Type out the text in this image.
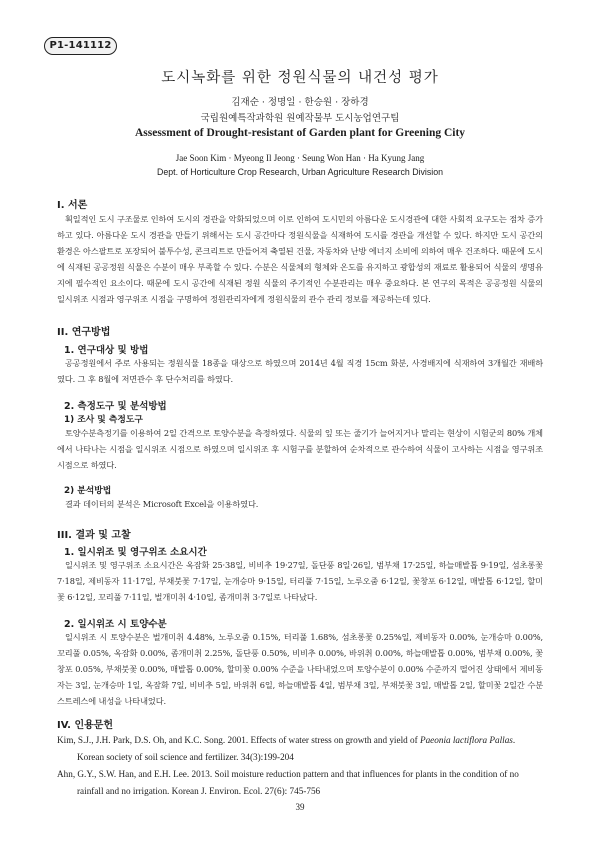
P1-141112
도시녹화를 위한 정원식물의 내건성 평가
김재순 · 정명일 · 한승원 · 장하경
국립원예특작과학원 원예작물부 도시농업연구팀
Assessment of Drought-resistant of Garden plant for Greening City
Jae Soon Kim · Myeong Il Jeong · Seung Won Han · Ha Kyung Jang
Dept. of Horticulture Crop Research, Urban Agriculture Research Division
I. 서론

획일적인 도시 구조물로 인하여 도시의 경관을 악화되었으며 이로 인하여 도시민의 아름다운 도시경관에 대한 사회적 요구도는 점차 증가하고 있다. 아름다운 도시 경관을 만들기 위해서는 도시 공간마다 정원식물을 식재하여 도시를 경관을 개선할 수 있다. 하지만 도시 공간의 환경은 아스팔트로 포장되어 불투수성, 콘크리트로 만들어져 축열된 건물, 자동차와 난방 에너지 소비에 의하여 매우 건조하다. 때문에 도시에 식재된 공공정원 식물은 수분이 매우 부족할 수 있다. 수분은 식물체의 형체와 온도를 유지하고 광합성의 재료로 활용되어 식물의 생명유지에 필수적인 요소이다. 때문에 도시 공간에 식재된 정원 식물의 주기적인 수분관리는 매우 중요하다. 본 연구의 목적은 공공정원 식물의 일시위조 시점과 영구위조 시점을 구명하여 정원관리자에게 정원식물의 관수 관리 정보를 제공하는데 있다.

II. 연구방법
1. 연구대상 및 방법

공공정원에서 주로 사용되는 정원식물 18종을 대상으로 하였으며 2014년 4월 직경 15cm 화분, 사경배지에 식재하여 3개월간 재배하였다. 그 후 8월에 저면관수 후 단수처리를 하였다.

2. 측정도구 및 분석방법
1) 조사 및 측정도구

토양수분측정기를 이용하여 2일 간격으로 토양수분을 측정하였다. 식물의 잎 또는 줄기가 늘어지거나 말리는 현상이 시험군의 80% 개체에서 나타나는 시점을 일시위조 시점으로 하였으며 일시위조 후 시험구를 분할하여 순차적으로 관수하여 식물이 고사하는 시점을 영구위조 시점으로 하였다.

2) 분석방법

결과 데이터의 분석은 Microsoft Excel을 이용하였다.

III. 결과 및 고찰
1. 일시위조 및 영구위조 소요시간

일시위조 및 영구위조 소요시간은 옥잠화 25·38일, 비비추 19·27일, 돌단풍 8일·26일, 범부채 17·25일, 하늘매발톱 9·19일, 섬초롱꽃 7·18일, 제비동자 11·17일, 부채붓꽃 7·17일, 눈개승마 9·15일, 터리풀 7·15일, 노루오줌 6·12일, 꽃창포 6·12일, 매발톱 6·12일, 할미꽃 6·12일, 꼬리풀 7·11일, 벌개미취 4·10일, 좀개미취 3·7일로 나타났다.

2. 일시위조 시 토양수분

일시위조 시 토양수분은 벌개미취 4.48%, 노루오줌 0.15%, 터리풀 1.68%, 섬초롱꽃 0.25%일, 제비동자 0.00%, 눈개승마 0.00%, 꼬리풀 0.05%, 옥잠화 0.00%, 좀개미취 2.25%, 돌단풍 0.50%, 비비추 0.00%, 바위취 0.00%, 하늘매발톱 0.00%, 범부채 0.00%, 꽃창포 0.05%, 부채붓꽃 0.00%, 매발톱 0.00%, 할미꽃 0.00% 수준을 나타내었으며 토양수분이 0.00% 수준까지 떨어진 상태에서 제비동자는 3일, 눈개승마 1일, 옥잠화 7일, 비비추 5일, 바위취 6일, 하늘매발톱 4일, 범부채 3일, 부채붓꽃 3일, 매발톱 2일, 할미꽃 2일간 수분 스트레스에 내성을 나타내었다.

IV. 인용문헌

Kim, S.J., J.H. Park, D.S. Oh, and K.C. Song. 2001. Effects of water stress on growth and yield of Paeonia lactiflora Pallas. Korean society of soil science and fertilizer. 34(3):199-204

Ahn, G.Y., S.W. Han, and E.H. Lee. 2013. Soil moisture reduction pattern and that influences for plants in the condition of no rainfall and no irrigation. Korean J. Environ. Ecol. 27(6): 745-756

39
